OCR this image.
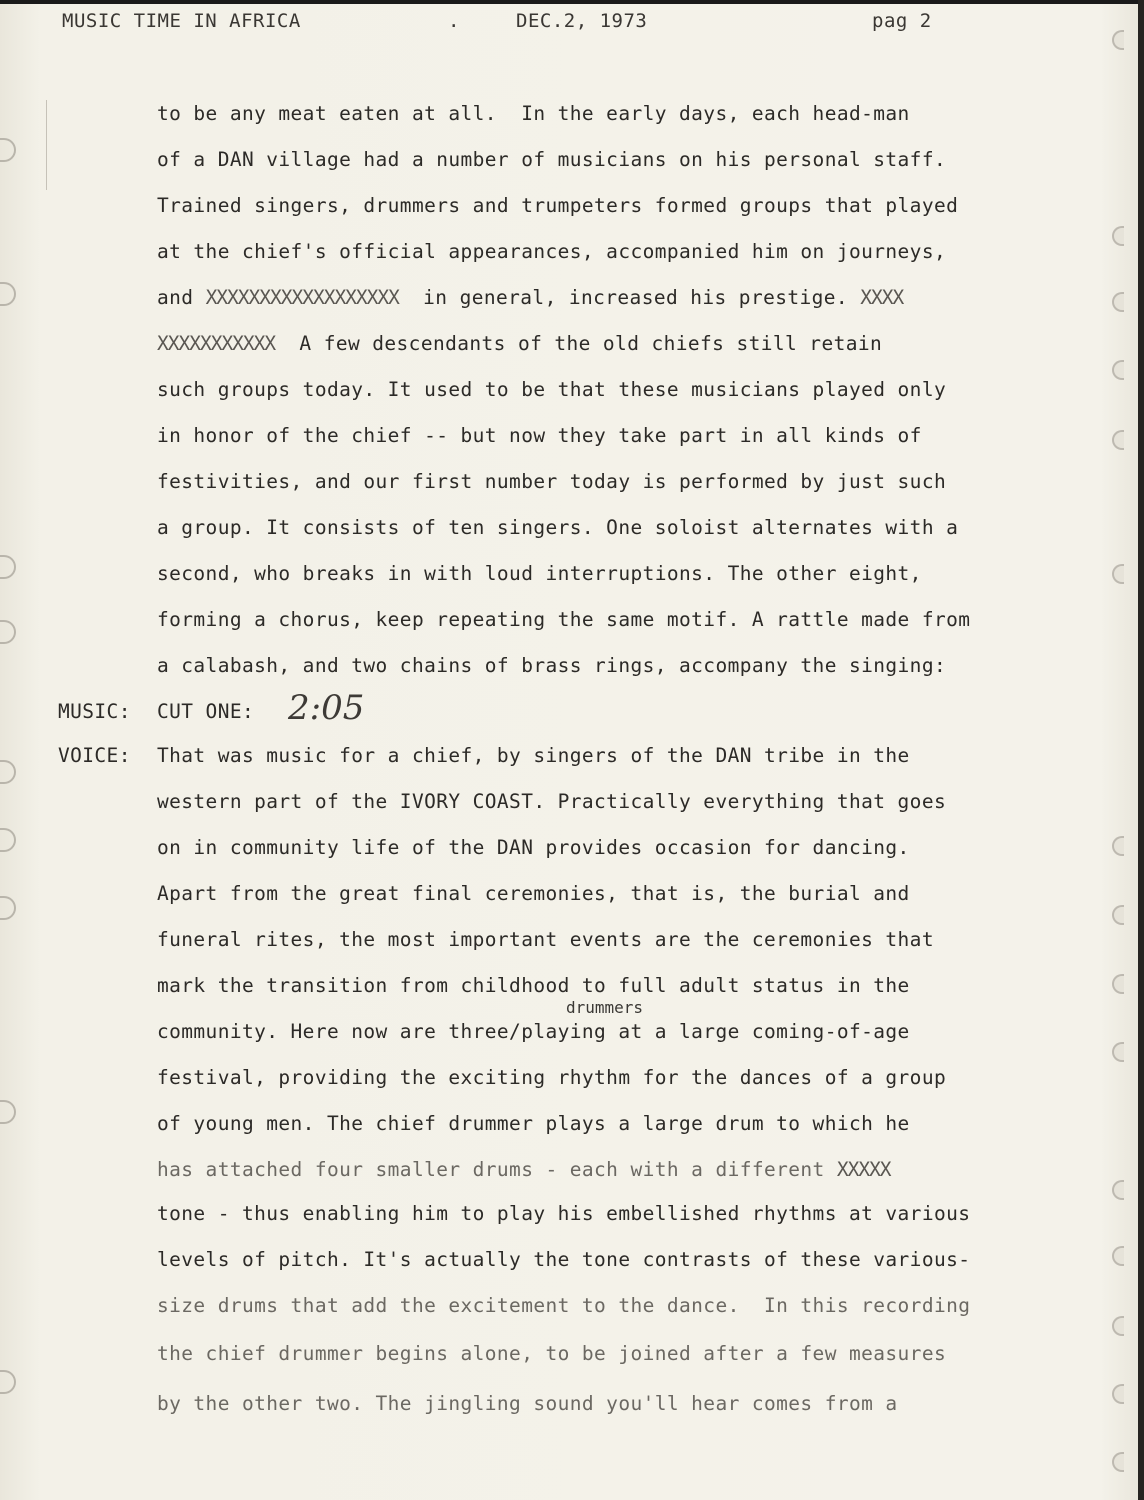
MUSIC TIME IN AFRICA	.	DEC.2, 1973	pag 2
to be any meat eaten at all.  In the early days, each head-man
of a DAN village had a number of musicians on his personal staff.
Trained singers, drummers and trumpeters formed groups that played
at the chief's official appearances, accompanied him on journeys,
and XXXXXXXXXXXXXXXXXX  in general, increased his prestige. XXXX
XXXXXXXXXXX  A few descendants of the old chiefs still retain
such groups today. It used to be that these musicians played only
in honor of the chief -- but now they take part in all kinds of
festivities, and our first number today is performed by just such
a group. It consists of ten singers. One soloist alternates with a
second, who breaks in with loud interruptions. The other eight,
forming a chorus, keep repeating the same motif. A rattle made from
a calabash, and two chains of brass rings, accompany the singing:
MUSIC: CUT ONE: 2:05
VOICE: That was music for a chief, by singers of the DAN tribe in the
western part of the IVORY COAST. Practically everything that goes
on in community life of the DAN provides occasion for dancing.
Apart from the great final ceremonies, that is, the burial and
funeral rites, the most important events are the ceremonies that
mark the transition from childhood to full adult status in the
drummers
community. Here now are three/playing at a large coming-of-age
festival, providing the exciting rhythm for the dances of a group
of young men. The chief drummer plays a large drum to which he
has attached four smaller drums - each with a different XXXXX
tone - thus enabling him to play his embellished rhythms at various
levels of pitch. It's actually the tone contrasts of these various-
size drums that add the excitement to the dance.  In this recording
the chief drummer begins alone, to be joined after a few measures
by the other two. The jingling sound you'll hear comes from a
